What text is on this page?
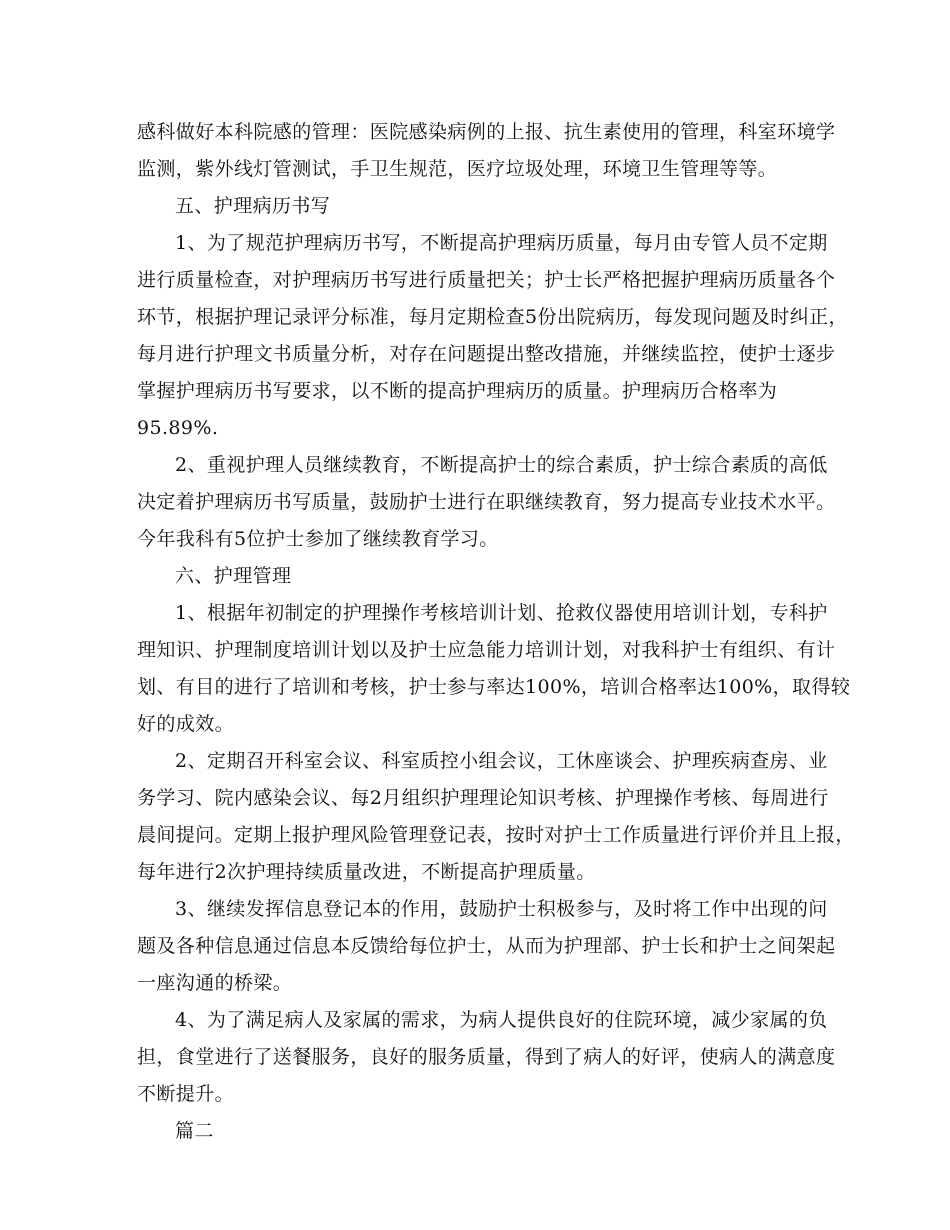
感科做好本科院感的管理：医院感染病例的上报、抗生素使用的管理，科室环境学
监测，紫外线灯管测试，手卫生规范，医疗垃圾处理，环境卫生管理等等。
五、护理病历书写
1、为了规范护理病历书写，不断提高护理病历质量，每月由专管人员不定期
进行质量检查，对护理病历书写进行质量把关；护士长严格把握护理病历质量各个
环节，根据护理记录评分标准，每月定期检查5份出院病历，每发现问题及时纠正，
每月进行护理文书质量分析，对存在问题提出整改措施，并继续监控，使护士逐步
掌握护理病历书写要求，以不断的提高护理病历的质量。护理病历合格率为
95.89%.
2、重视护理人员继续教育，不断提高护士的综合素质，护士综合素质的高低
决定着护理病历书写质量，鼓励护士进行在职继续教育，努力提高专业技术水平。
今年我科有5位护士参加了继续教育学习。
六、护理管理
1、根据年初制定的护理操作考核培训计划、抢救仪器使用培训计划，专科护
理知识、护理制度培训计划以及护士应急能力培训计划，对我科护士有组织、有计
划、有目的进行了培训和考核，护士参与率达100%，培训合格率达100%，取得较
好的成效。
2、定期召开科室会议、科室质控小组会议，工休座谈会、护理疾病查房、业
务学习、院内感染会议、每2月组织护理理论知识考核、护理操作考核、每周进行
晨间提问。定期上报护理风险管理登记表，按时对护士工作质量进行评价并且上报，
每年进行2次护理持续质量改进，不断提高护理质量。
3、继续发挥信息登记本的作用，鼓励护士积极参与，及时将工作中出现的问
题及各种信息通过信息本反馈给每位护士，从而为护理部、护士长和护士之间架起
一座沟通的桥梁。
4、为了满足病人及家属的需求，为病人提供良好的住院环境，减少家属的负
担，食堂进行了送餐服务，良好的服务质量，得到了病人的好评，使病人的满意度
不断提升。
篇二
